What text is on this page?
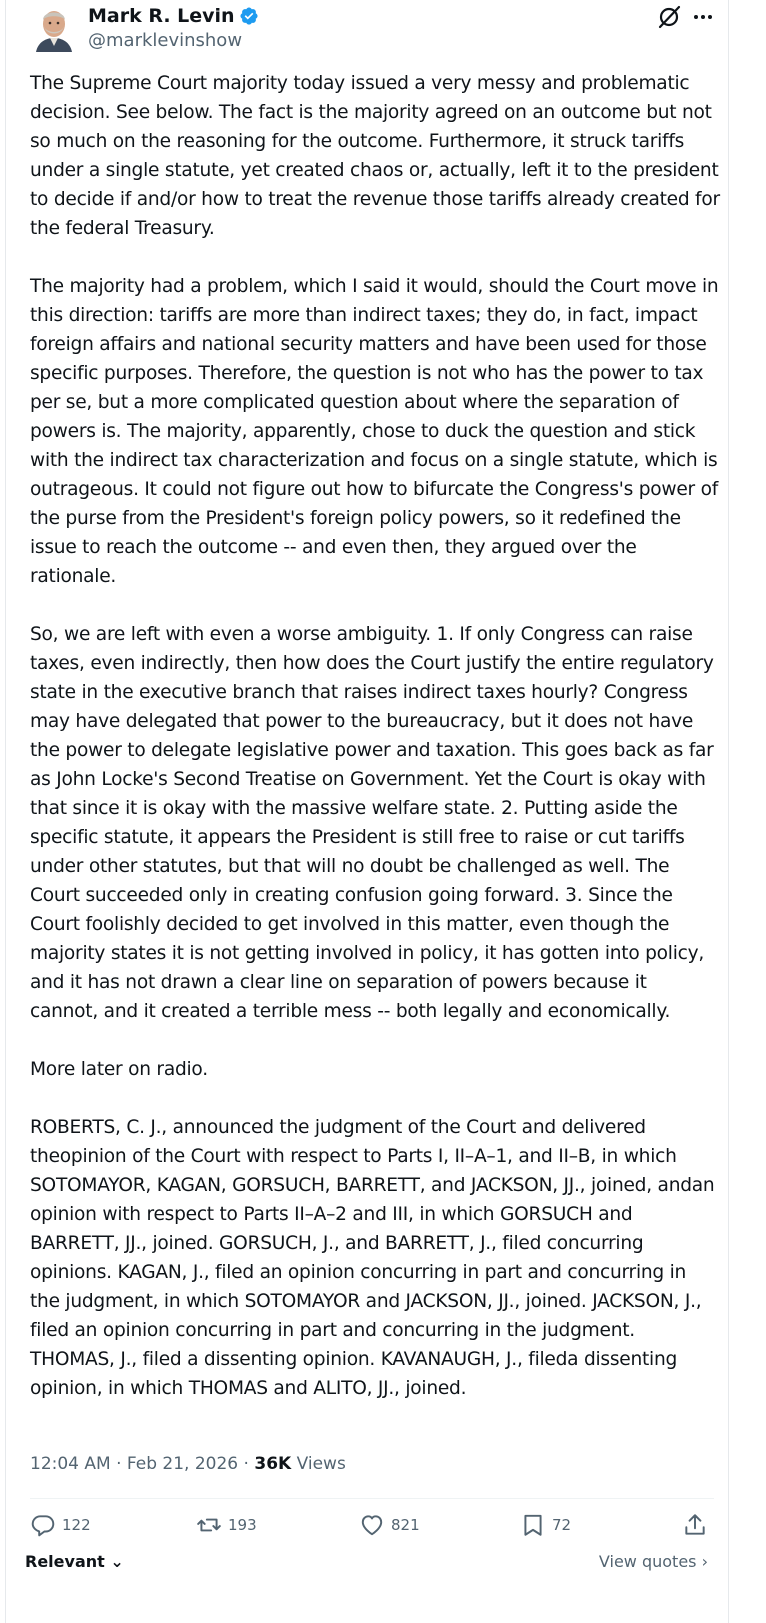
Mark R. Levin
@marklevinshow

The Supreme Court majority today issued a very messy and problematic decision. See below. The fact is the majority agreed on an outcome but not so much on the reasoning for the outcome. Furthermore, it struck tariffs under a single statute, yet created chaos or, actually, left it to the president to decide if and/or how to treat the revenue those tariffs already created for the federal Treasury.

The majority had a problem, which I said it would, should the Court move in this direction: tariffs are more than indirect taxes; they do, in fact, impact foreign affairs and national security matters and have been used for those specific purposes. Therefore, the question is not who has the power to tax per se, but a more complicated question about where the separation of powers is. The majority, apparently, chose to duck the question and stick with the indirect tax characterization and focus on a single statute, which is outrageous. It could not figure out how to bifurcate the Congress's power of the purse from the President's foreign policy powers, so it redefined the issue to reach the outcome -- and even then, they argued over the rationale.

So, we are left with even a worse ambiguity. 1. If only Congress can raise taxes, even indirectly, then how does the Court justify the entire regulatory state in the executive branch that raises indirect taxes hourly? Congress may have delegated that power to the bureaucracy, but it does not have the power to delegate legislative power and taxation. This goes back as far as John Locke's Second Treatise on Government. Yet the Court is okay with that since it is okay with the massive welfare state. 2. Putting aside the specific statute, it appears the President is still free to raise or cut tariffs under other statutes, but that will no doubt be challenged as well. The Court succeeded only in creating confusion going forward. 3. Since the Court foolishly decided to get involved in this matter, even though the majority states it is not getting involved in policy, it has gotten into policy, and it has not drawn a clear line on separation of powers because it cannot, and it created a terrible mess -- both legally and economically.

More later on radio.

ROBERTS, C. J., announced the judgment of the Court and delivered theopinion of the Court with respect to Parts I, II–A–1, and II–B, in which SOTOMAYOR, KAGAN, GORSUCH, BARRETT, and JACKSON, JJ., joined, andan opinion with respect to Parts II–A–2 and III, in which GORSUCH and BARRETT, JJ., joined. GORSUCH, J., and BARRETT, J., filed concurring opinions. KAGAN, J., filed an opinion concurring in part and concurring in the judgment, in which SOTOMAYOR and JACKSON, JJ., joined. JACKSON, J., filed an opinion concurring in part and concurring in the judgment. THOMAS, J., filed a dissenting opinion. KAVANAUGH, J., fileda dissenting opinion, in which THOMAS and ALITO, JJ., joined.

12:04 AM · Feb 21, 2026 · 36K Views
122	193	821	72
Relevant ⌄	View quotes ›
